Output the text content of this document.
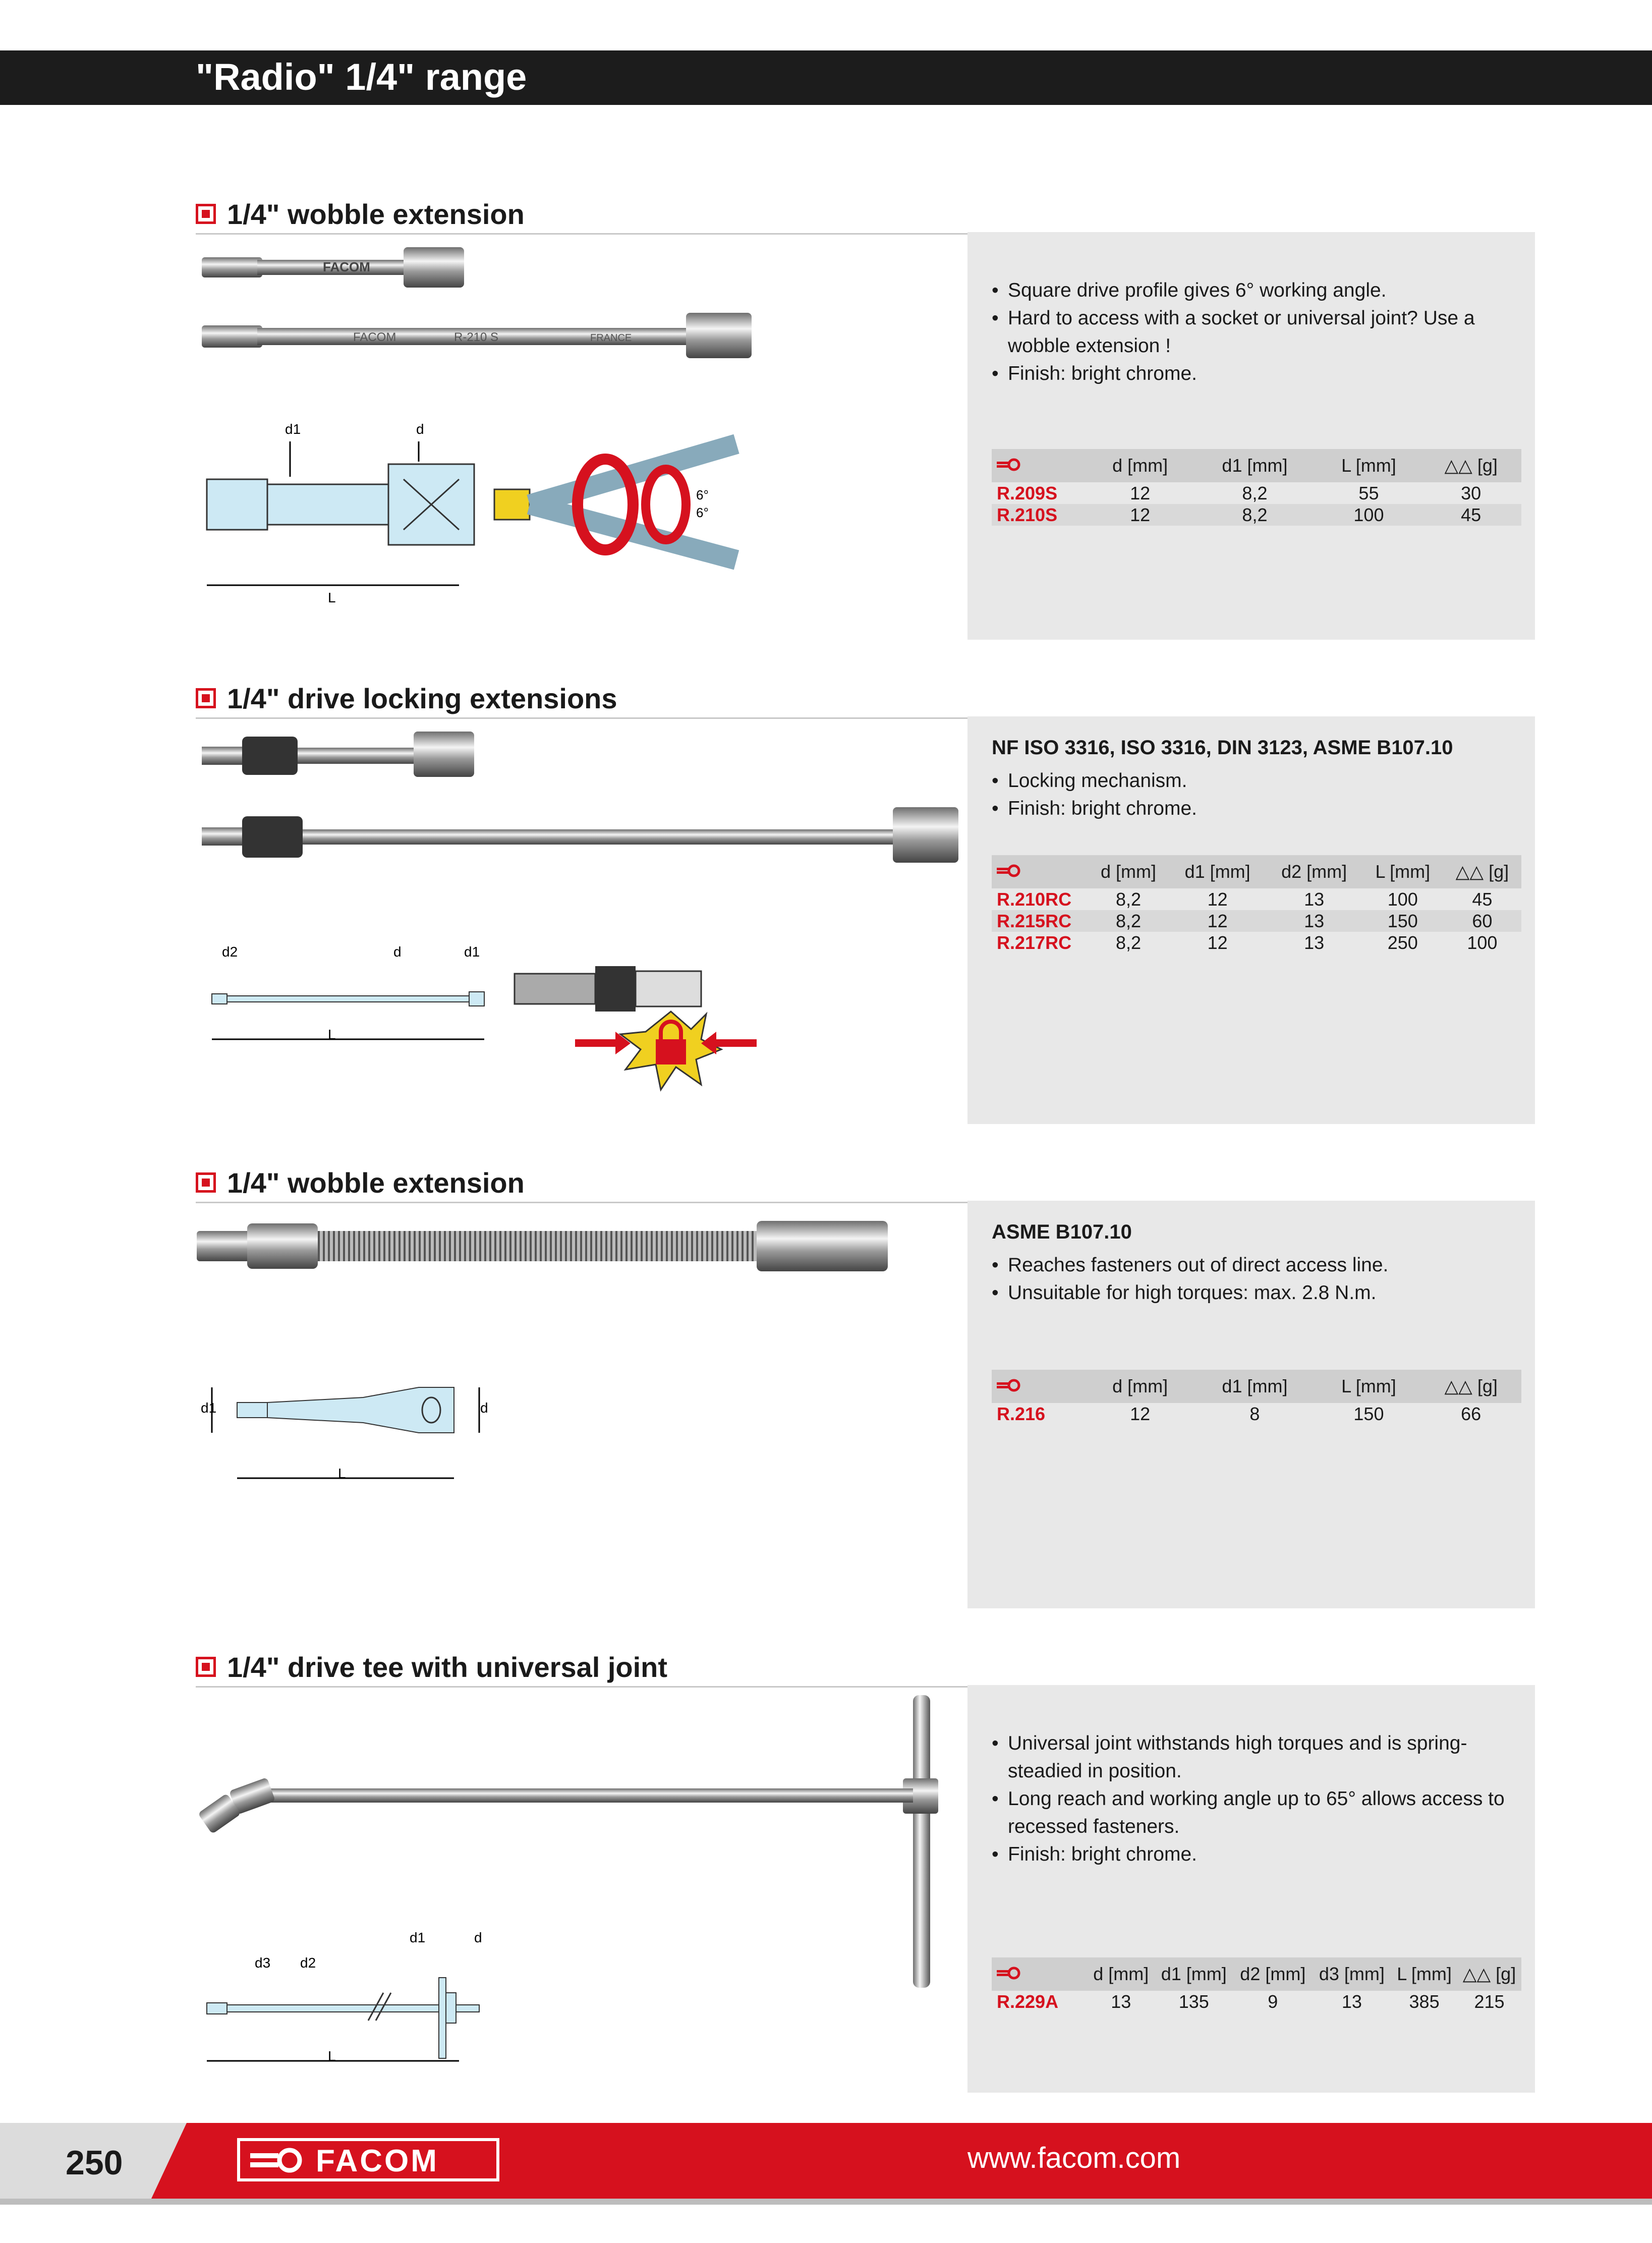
"Radio" 1/4" range
1/4" wobble extension
• Square drive profile gives 6° working angle.
• Hard to access with a socket or universal joint? Use a wobble extension !
• Finish: bright chrome.
	d [mm]	d1 [mm]	L [mm]	△△ [g]
R.209S	12	8,2	55	30
R.210S	12	8,2	100	45
FACOM
FACOM	R-210 S	FRANCE
d1	d
L
6°
6°
1/4" drive locking extensions
NF ISO 3316, ISO 3316, DIN 3123, ASME B107.10
• Locking mechanism.
• Finish: bright chrome.
	d [mm]	d1 [mm]	d2 [mm]	L [mm]	△△ [g]
R.210RC	8,2	12	13	100	45
R.215RC	8,2	12	13	150	60
R.217RC	8,2	12	13	250	100
d2	d	d1
L
1/4" wobble extension
ASME B107.10
• Reaches fasteners out of direct access line.
• Unsuitable for high torques: max. 2.8 N.m.
	d [mm]	d1 [mm]	L [mm]	△△ [g]
R.216	12	8	150	66
d1	d
L
1/4" drive tee with universal joint
• Universal joint withstands high torques and is spring-steadied in position.
• Long reach and working angle up to 65° allows access to recessed fasteners.
• Finish: bright chrome.
	d [mm]	d1 [mm]	d2 [mm]	d3 [mm]	L [mm]	△△ [g]
R.229A	13	135	9	13	385	215
d1	d
d3 d2
L
250	FACOM	www.facom.com
